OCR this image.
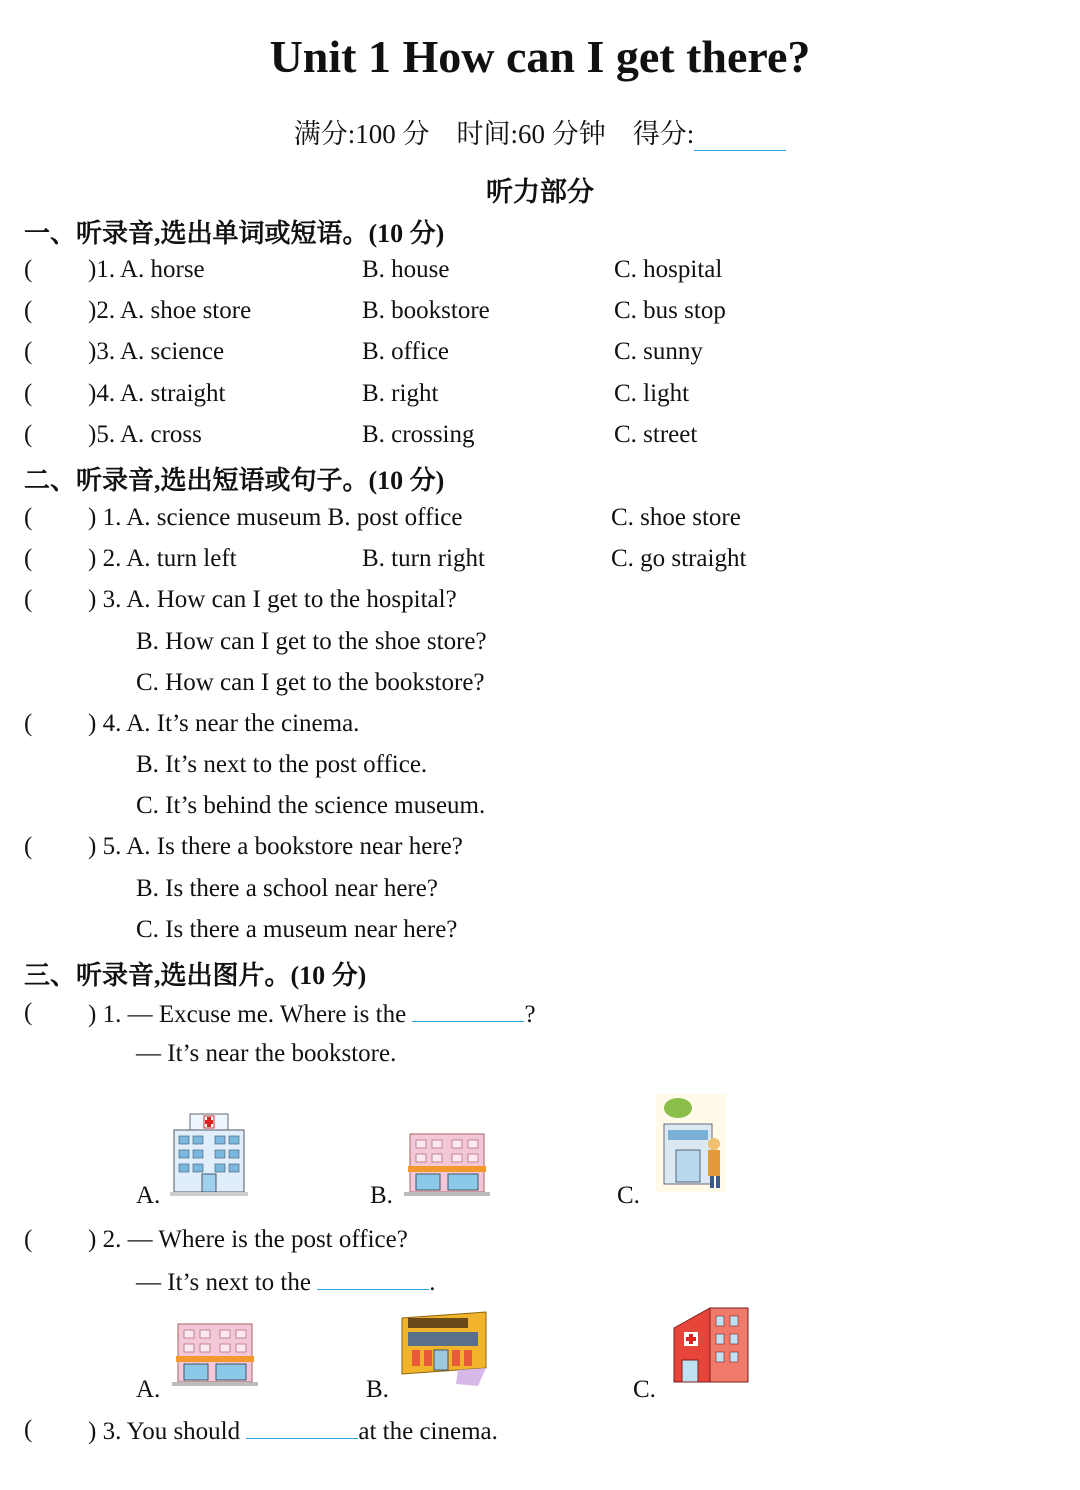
Unit 1 How can I get there?
满分:100 分 时间:60 分钟 得分:
听力部分
一、听录音,选出单词或短语。(10 分)
( )1. A. horse	B. house	C. hospital
( )2. A. shoe store	B. bookstore	C. bus stop
( )3. A. science	B. office	C. sunny
( )4. A. straight	B. right	C. light
( )5. A. cross	B. crossing	C. street
二、听录音,选出短语或句子。(10 分)
( ) 1. A. science museum B. post office	C. shoe store
( ) 2. A. turn left	B. turn right	C. go straight
( ) 3. A. How can I get to the hospital?
B. How can I get to the shoe store?
C. How can I get to the bookstore?
( ) 4. A. It’s near the cinema.
B. It’s next to the post office.
C. It’s behind the science museum.
( ) 5. A. Is there a bookstore near here?
B. Is there a school near here?
C. Is there a museum near here?
三、听录音,选出图片。(10 分)
( ) 1. — Excuse me. Where is the	?
— It’s near the bookstore.
A.	B.	C.
( ) 2. — Where is the post office?
— It’s next to the	.
A.	B.	C.
( ) 3. You should	at the cinema.
